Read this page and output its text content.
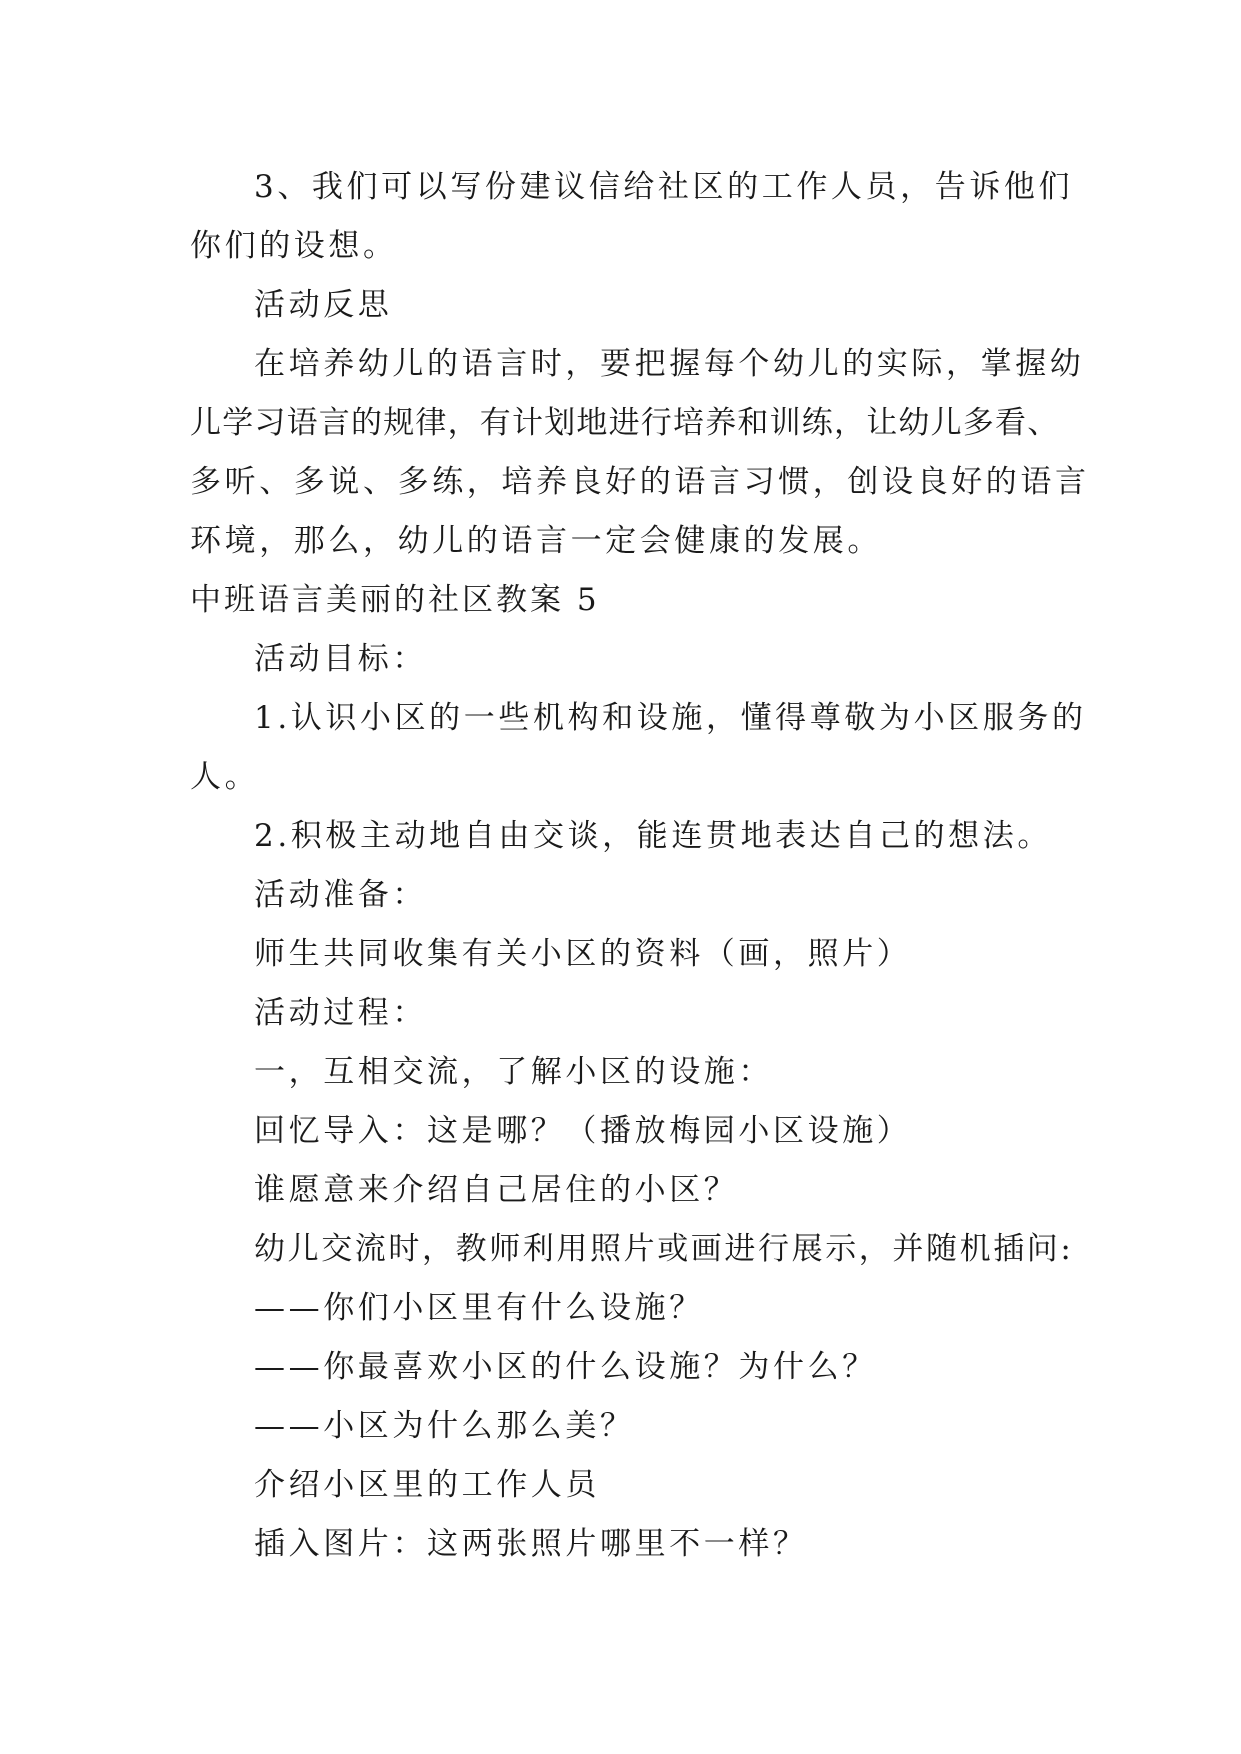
3、我们可以写份建议信给社区的工作人员，告诉他们
你们的设想。
活动反思
在培养幼儿的语言时，要把握每个幼儿的实际，掌握幼
儿学习语言的规律，有计划地进行培养和训练，让幼儿多看、
多听、多说、多练，培养良好的语言习惯，创设良好的语言
环境，那么，幼儿的语言一定会健康的发展。
中班语言美丽的社区教案 5
活动目标：
1.认识小区的一些机构和设施，懂得尊敬为小区服务的
人。
2.积极主动地自由交谈，能连贯地表达自己的想法。
活动准备：
师生共同收集有关小区的资料（画，照片）
活动过程：
一，互相交流，了解小区的设施：
回忆导入：这是哪？（播放梅园小区设施）
谁愿意来介绍自己居住的小区？
幼儿交流时，教师利用照片或画进行展示，并随机插问:
——你们小区里有什么设施？
——你最喜欢小区的什么设施？为什么？
——小区为什么那么美？
介绍小区里的工作人员
插入图片：这两张照片哪里不一样？
